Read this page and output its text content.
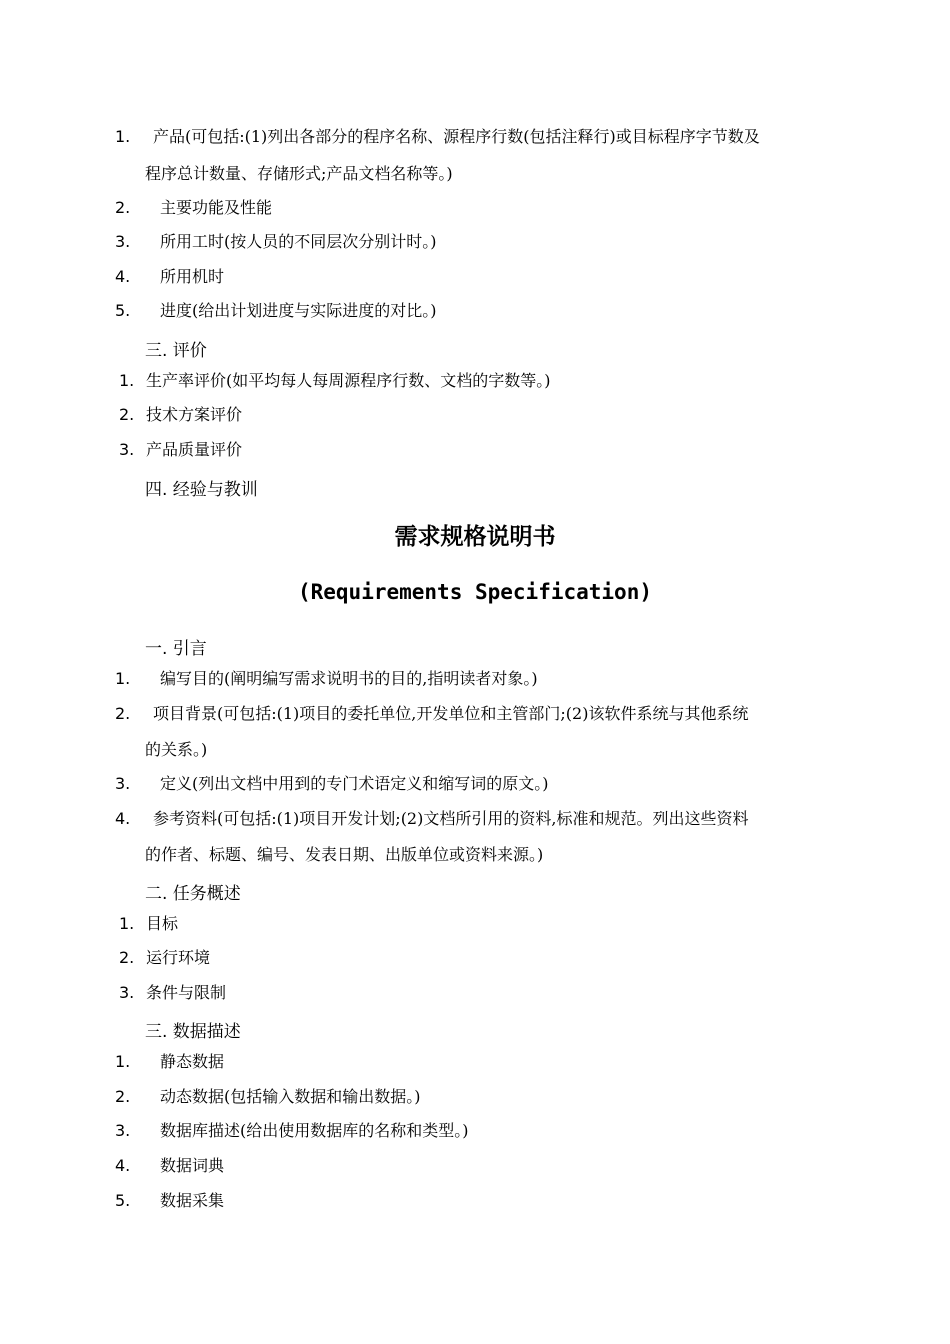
1. 产品(可包括:(1)列出各部分的程序名称、源程序行数(包括注释行)或目标程序字节数及
程序总计数量、存储形式;产品文档名称等。)
2. 主要功能及性能
3. 所用工时(按人员的不同层次分别计时。)
4. 所用机时
5. 进度(给出计划进度与实际进度的对比。)
三. 评价
1. 生产率评价(如平均每人每周源程序行数、文档的字数等。)
2. 技术方案评价
3. 产品质量评价
四. 经验与教训
需求规格说明书
(Requirements Specification)
一. 引言
1. 编写目的(阐明编写需求说明书的目的,指明读者对象。)
2. 项目背景(可包括:(1)项目的委托单位,开发单位和主管部门;(2)该软件系统与其他系统
的关系。)
3. 定义(列出文档中用到的专门术语定义和缩写词的原文。)
4. 参考资料(可包括:(1)项目开发计划;(2)文档所引用的资料,标准和规范。列出这些资料
的作者、标题、编号、发表日期、出版单位或资料来源。)
二. 任务概述
1. 目标
2. 运行环境
3. 条件与限制
三. 数据描述
1. 静态数据
2. 动态数据(包括输入数据和输出数据。)
3. 数据库描述(给出使用数据库的名称和类型。)
4. 数据词典
5. 数据采集
